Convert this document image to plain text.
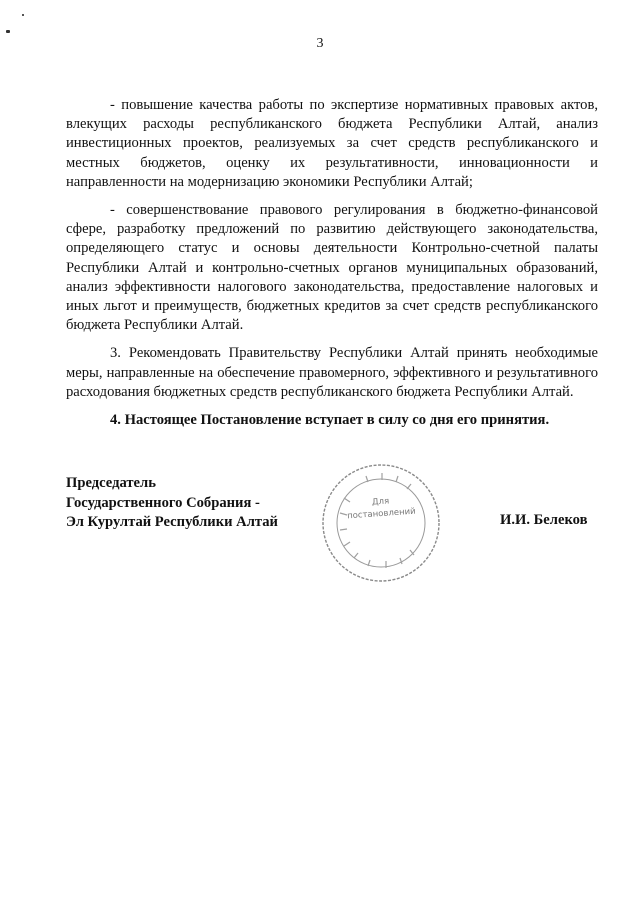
3

- повышение качества работы по экспертизе нормативных правовых актов, влекущих расходы республиканского бюджета Республики Алтай, анализ инвестиционных проектов, реализуемых за счет средств республиканского и местных бюджетов, оценку их результативности, инновационности и направленности на модернизацию экономики Республики Алтай;

- совершенствование правового регулирования в бюджетно-финансовой сфере, разработку предложений по развитию действующего законодательства, определяющего статус и основы деятельности Контрольно-счетной палаты Республики Алтай и контрольно-счетных органов муниципальных образований, анализ эффективности налогового законодательства, предоставление налоговых и иных льгот и преимуществ, бюджетных кредитов за счет средств республиканского бюджета Республики Алтай.

3. Рекомендовать Правительству Республики Алтай принять необходимые меры, направленные на обеспечение правомерного, эффективного и результативного расходования бюджетных средств республиканского бюджета Республики Алтай.

4. Настоящее Постановление вступает в силу со дня его принятия.

Председатель
Государственного Собрания -
Эл Курултай Республики Алтай
Для
постановлений	И.И. Белеков
